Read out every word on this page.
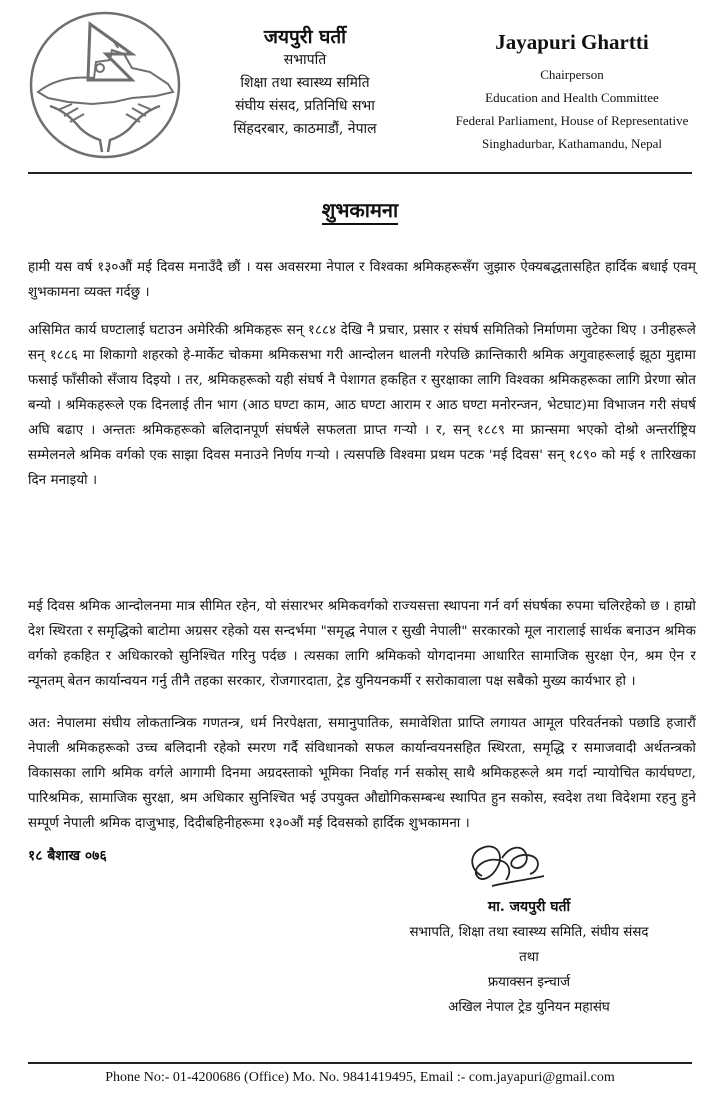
जयपुरी घर्ती
सभापति
शिक्षा तथा स्वास्थ्य समिति
संघीय संसद, प्रतिनिधि सभा
सिंहदरबार, काठमाडौं, नेपाल
Jayapuri Ghartti
Chairperson
Education and Health Committee
Federal Parliament, House of Representative
Singhadurbar, Kathamandu, Nepal
शुभकामना
हामी यस वर्ष १३०औं मई दिवस मनाउँदै छौं । यस अवसरमा नेपाल र विश्वका श्रमिकहरूसँग जुझारु ऐक्यबद्धतासहित हार्दिक बधाई एवम् शुभकामना व्यक्त गर्दछु ।
असिमित कार्य घण्टालाई घटाउन अमेरिकी श्रमिकहरू सन् १८८४ देखि नै प्रचार, प्रसार र संघर्ष समितिको निर्माणमा जुटेका थिए । उनीहरूले सन् १८८६ मा शिकागो शहरको हे-मार्केट चोकमा श्रमिकसभा गरी आन्दोलन थालनी गरेपछि क्रान्तिकारी श्रमिक अगुवाहरूलाई झूठा मुद्दामा फसाई फाँसीको सँजाय दिइयो । तर, श्रमिकहरूको यही संघर्ष नै पेशागत हकहित र सुरक्षाका लागि विश्वका श्रमिकहरूका लागि प्रेरणा स्रोत बन्यो । श्रमिकहरूले एक दिनलाई तीन भाग (आठ घण्टा काम, आठ घण्टा आराम र आठ घण्टा मनोरन्जन, भेटघाट)मा विभाजन गरी संघर्ष अघि बढाए । अन्ततः श्रमिकहरूको बलिदानपूर्ण संघर्षले सफलता प्राप्त गऱ्यो । र, सन् १८८९ मा फ्रान्समा भएको दोश्रो अन्तर्राष्ट्रिय सम्मेलनले श्रमिक वर्गको एक साझा दिवस मनाउने निर्णय गऱ्यो । त्यसपछि विश्वमा प्रथम पटक 'मई दिवस' सन् १८९० को मई १ तारिखका दिन मनाइयो ।
मई दिवस श्रमिक आन्दोलनमा मात्र सीमित रहेन, यो संसारभर श्रमिकवर्गको राज्यसत्ता स्थापना गर्न वर्ग संघर्षका रुपमा चलिरहेको छ । हाम्रो देश स्थिरता र समृद्धिको बाटोमा अग्रसर रहेको यस सन्दर्भमा "समृद्ध नेपाल र सुखी नेपाली" सरकारको मूल नारालाई सार्थक बनाउन श्रमिक वर्गको हकहित र अधिकारको सुनिश्चित गरिनु पर्दछ । त्यसका लागि श्रमिकको योगदानमा आधारित सामाजिक सुरक्षा ऐन, श्रम ऐन र न्यूनतम् बेतन कार्यान्वयन गर्नु तीनै तहका सरकार, रोजगारदाता, ट्रेड युनियनकर्मी र सरोकावाला पक्ष सबैको मुख्य कार्यभार हो ।
अत: नेपालमा संघीय लोकतान्त्रिक गणतन्त्र, धर्म निरपेक्षता, समानुपातिक, समावेशिता प्राप्ति लगायत आमूल परिवर्तनको पछाडि हजारौं नेपाली श्रमिकहरूको उच्च बलिदानी रहेको स्मरण गर्दै संविधानको सफल कार्यान्वयनसहित स्थिरता, समृद्धि र समाजवादी अर्थतन्त्रको विकासका लागि श्रमिक वर्गले आगामी दिनमा अग्रदस्ताको भूमिका निर्वाह गर्न सकोस् साथै श्रमिकहरूले श्रम गर्दा न्यायोचित कार्यघण्टा, पारिश्रमिक, सामाजिक सुरक्षा, श्रम अधिकार सुनिश्चित भई उपयुक्त औद्योगिकसम्बन्ध स्थापित हुन सकोस, स्वदेश तथा विदेशमा रहनु हुने सम्पूर्ण नेपाली श्रमिक दाजुभाइ, दिदीबहिनीहरूमा १३०औं मई दिवसको हार्दिक शुभकामना ।
१८ बैशाख ०७६
मा. जयपुरी घर्ती
सभापति, शिक्षा तथा स्वास्थ्य समिति, संघीय संसद
तथा
फ्रयाक्सन इन्चार्ज
अखिल नेपाल ट्रेड युनियन महासंघ
Phone No:- 01-4200686 (Office) Mo. No. 9841419495, Email :- com.jayapuri@gmail.com
